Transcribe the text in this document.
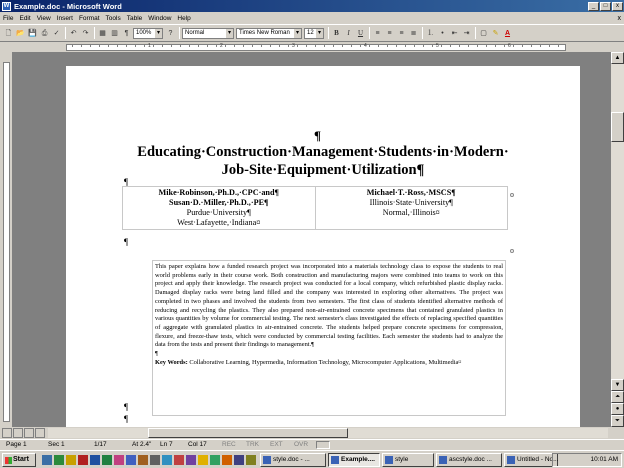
W Example.doc - Microsoft Word	_	□	x
File Edit View Insert Format Tools Table Window Help	x
🗋 📂 💾 ⎙ ✓	↶ ↷	▦ ▥ ¶	100% ▾	?	Normal ▾	Times New Roman ▾	12 ▾	B	I	U	≡	≡	≡	≣	⒈	•	⇤ ⇥	▢ ✎ A
1	2	3	4	5	6
¶
Educating·Construction·Management·Students·in·Modern·
Job-Site·Equipment·Utilization¶
¶
Mike·Robinson,·Ph.D.,·CPC·and¶
Susan·D.·Miller,·Ph.D.,·PE¶
Purdue·University¶
West·Lafayette,·Indiana¤

Michael·T.·Ross,·MSCS¶
Illinois·State·University¶
Normal,·Illinois¤
¶

This paper explains how a funded research project was incorporated into a materials technology class to expose the students to real world problems early in their course work. Both construction and manufacturing majors were combined into teams to work on this project and apply their knowledge. The research project was conducted for a local company, which refurbished plastic display racks. Damaged display racks were being land filled and the company was interested in exploring other alternatives. The project was completed in two phases and involved the students from two semesters. The first class of students identified alternative methods of reducing and recycling the plastics. They also prepared non-air-entrained concrete specimens that contained granulated plastics in various quantities by volume for commercial testing. The next semester's class investigated the effects of replacing specified quantities of aggregate with granulated plastics in air-entrained concrete. The students helped prepare concrete specimens for compression, flexure, and freeze-thaw tests, which were conducted by commercial testing facilities. Each semester the students had to analyze the data from the tests and present their findings to management.¶

¶

Key Words: Collaborative Learning, Hypermedia, Information Technology, Microcomputer Applications, Multimedia¤

¶
¶
▲
▼
⏶
●
⏷
Page 1	Sec 1	1/17	At 2.4" Ln 7 Col 17 REC TRK EXT OVR
Start	style.doc - ...	Example....	style	ascstyle.doc ...	Untitled - No...	10:01 AM
